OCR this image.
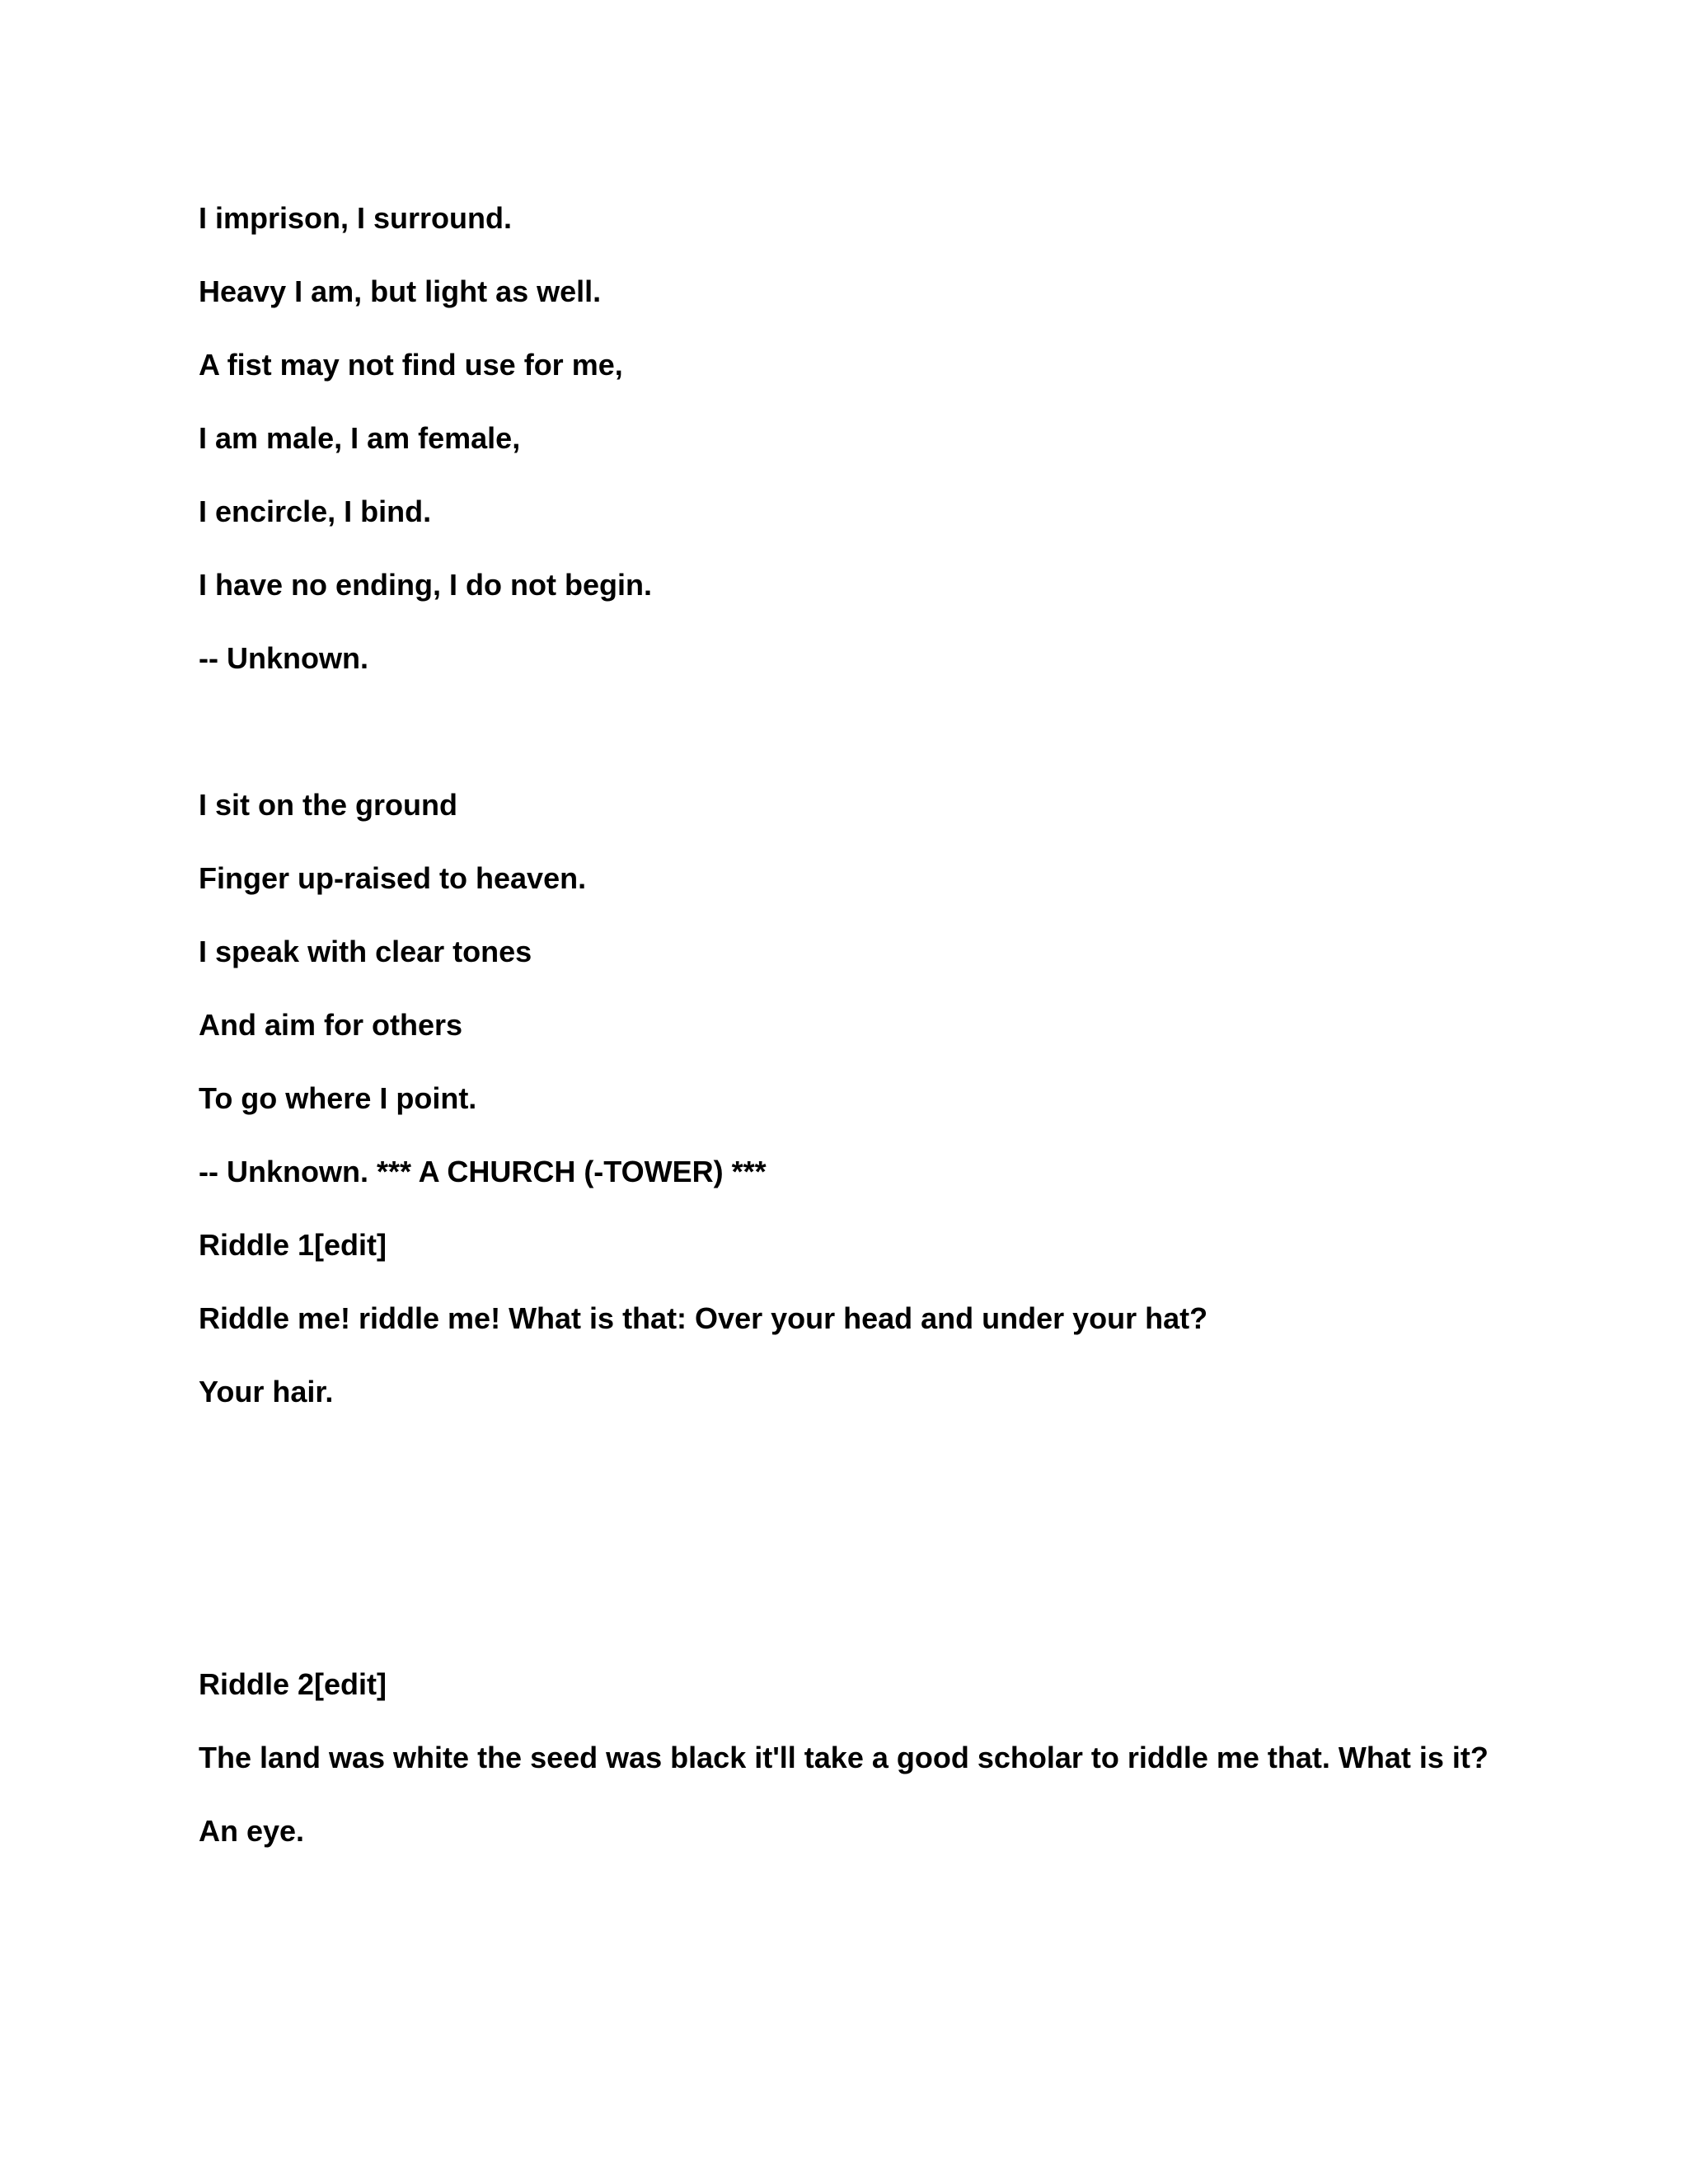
I imprison, I surround.

Heavy I am, but light as well.

A fist may not find use for me,

I am male, I am female,

I encircle, I bind.

I have no ending, I do not begin.

-- Unknown.

I sit on the ground

Finger up-raised to heaven.

I speak with clear tones

And aim for others

To go where I point.

-- Unknown. *** A CHURCH (-TOWER) ***

Riddle 1[edit]

Riddle me! riddle me! What is that: Over your head and under your hat?

Your hair.

Riddle 2[edit]

The land was white the seed was black it'll take a good scholar to riddle me that. What is it?

An eye.
